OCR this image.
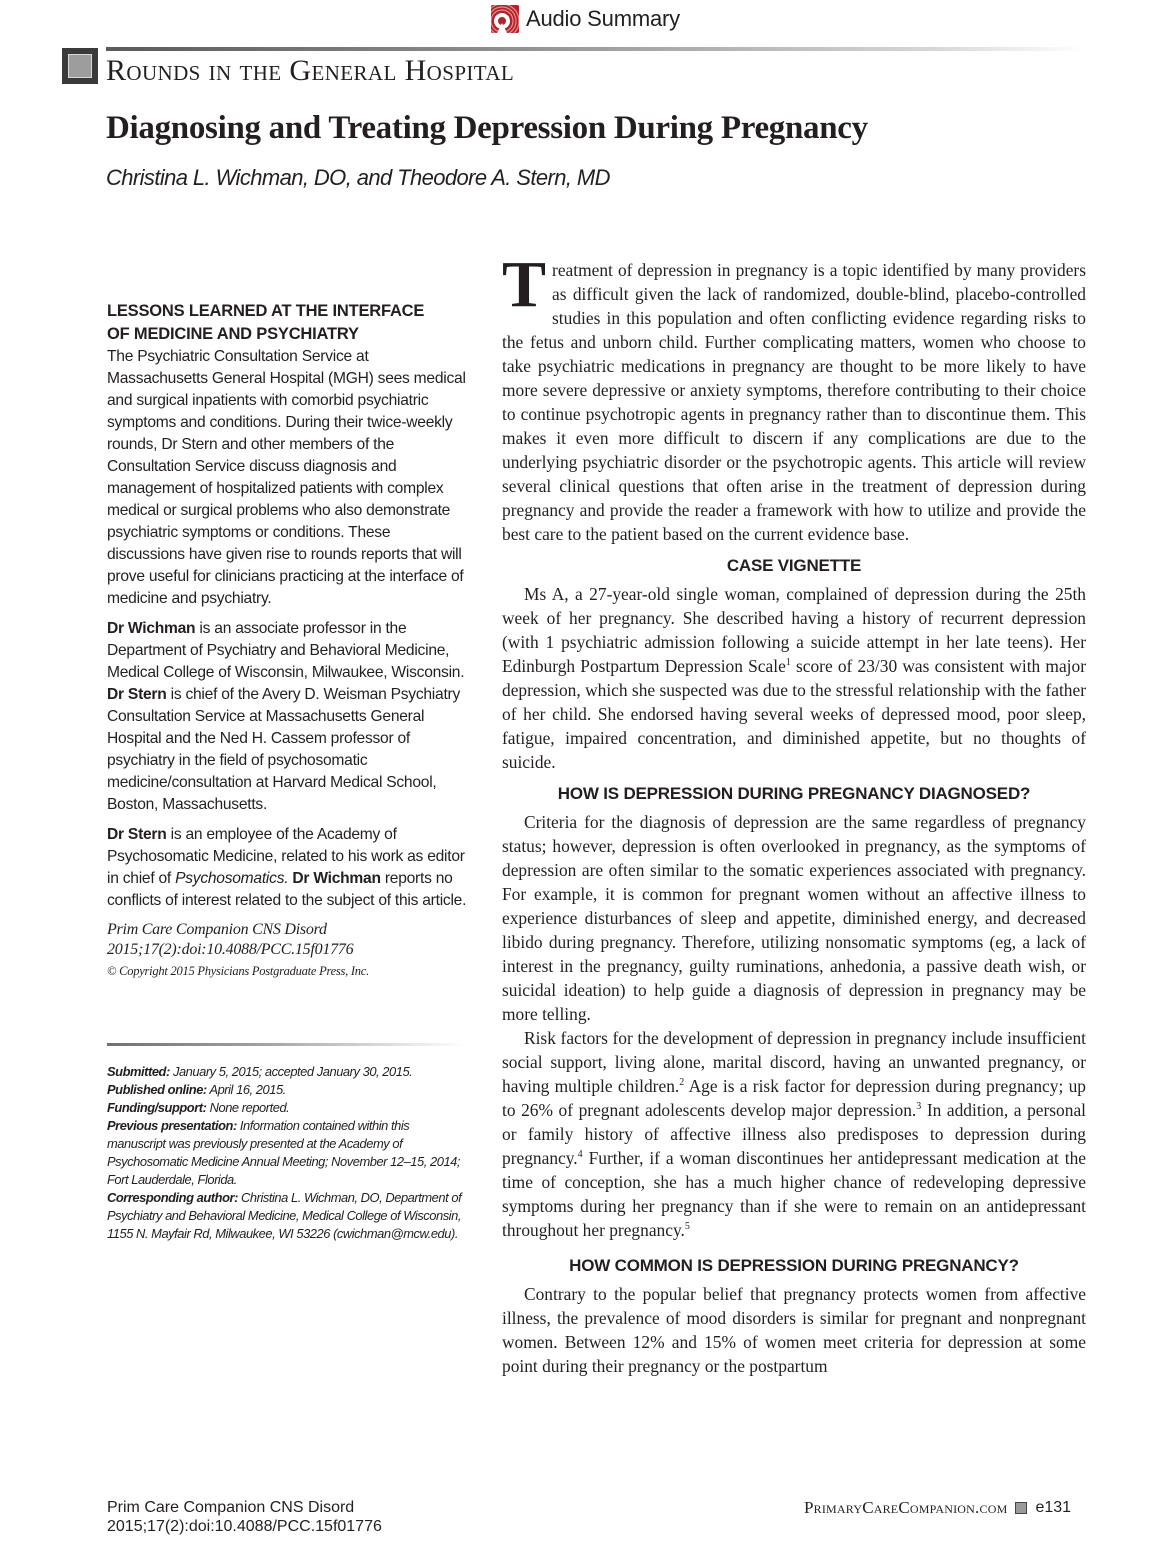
Audio Summary
Rounds in the General Hospital
Diagnosing and Treating Depression During Pregnancy
Christina L. Wichman, DO, and Theodore A. Stern, MD
LESSONS LEARNED AT THE INTERFACE
OF MEDICINE AND PSYCHIATRY

The Psychiatric Consultation Service at Massachusetts General Hospital (MGH) sees medical and surgical inpatients with comorbid psychiatric symptoms and conditions. During their twice-weekly rounds, Dr Stern and other members of the Consultation Service discuss diagnosis and management of hospitalized patients with complex medical or surgical problems who also demonstrate psychiatric symptoms or conditions. These discussions have given rise to rounds reports that will prove useful for clinicians practicing at the interface of medicine and psychiatry.

Dr Wichman is an associate professor in the Department of Psychiatry and Behavioral Medicine, Medical College of Wisconsin, Milwaukee, Wisconsin. Dr Stern is chief of the Avery D. Weisman Psychiatry Consultation Service at Massachusetts General Hospital and the Ned H. Cassem professor of psychiatry in the field of psychosomatic medicine/consultation at Harvard Medical School, Boston, Massachusetts.

Dr Stern is an employee of the Academy of Psychosomatic Medicine, related to his work as editor in chief of Psychosomatics. Dr Wichman reports no conflicts of interest related to the subject of this article.

Prim Care Companion CNS Disord
2015;17(2):doi:10.4088/PCC.15f01776
© Copyright 2015 Physicians Postgraduate Press, Inc.
Submitted: January 5, 2015; accepted January 30, 2015.
Published online: April 16, 2015.
Funding/support: None reported.
Previous presentation: Information contained within this manuscript was previously presented at the Academy of Psychosomatic Medicine Annual Meeting; November 12–15, 2014; Fort Lauderdale, Florida.
Corresponding author: Christina L. Wichman, DO, Department of Psychiatry and Behavioral Medicine, Medical College of Wisconsin, 1155 N. Mayfair Rd, Milwaukee, WI 53226 (cwichman@mcw.edu).

Treatment of depression in pregnancy is a topic identified by many providers as difficult given the lack of randomized, double-blind, placebo-controlled studies in this population and often conflicting evidence regarding risks to the fetus and unborn child. Further complicating matters, women who choose to take psychiatric medications in pregnancy are thought to be more likely to have more severe depressive or anxiety symptoms, therefore contributing to their choice to continue psychotropic agents in pregnancy rather than to discontinue them. This makes it even more difficult to discern if any complications are due to the underlying psychiatric disorder or the psychotropic agents. This article will review several clinical questions that often arise in the treatment of depression during pregnancy and provide the reader a framework with how to utilize and provide the best care to the patient based on the current evidence base.

CASE VIGNETTE

Ms A, a 27-year-old single woman, complained of depression during the 25th week of her pregnancy. She described having a history of recurrent depression (with 1 psychiatric admission following a suicide attempt in her late teens). Her Edinburgh Postpartum Depression Scale$^1$ score of 23/30 was consistent with major depression, which she suspected was due to the stressful relationship with the father of her child. She endorsed having several weeks of depressed mood, poor sleep, fatigue, impaired concentration, and diminished appetite, but no thoughts of suicide.

HOW IS DEPRESSION DURING PREGNANCY DIAGNOSED?

Criteria for the diagnosis of depression are the same regardless of pregnancy status; however, depression is often overlooked in pregnancy, as the symptoms of depression are often similar to the somatic experiences associated with pregnancy. For example, it is common for pregnant women without an affective illness to experience disturbances of sleep and appetite, diminished energy, and decreased libido during pregnancy. Therefore, utilizing nonsomatic symptoms (eg, a lack of interest in the pregnancy, guilty ruminations, anhedonia, a passive death wish, or suicidal ideation) to help guide a diagnosis of depression in pregnancy may be more telling.

Risk factors for the development of depression in pregnancy include insufficient social support, living alone, marital discord, having an unwanted pregnancy, or having multiple children.$^2$ Age is a risk factor for depression during pregnancy; up to 26% of pregnant adolescents develop major depression.$^3$ In addition, a personal or family history of affective illness also predisposes to depression during pregnancy.$^4$ Further, if a woman discontinues her antidepressant medication at the time of conception, she has a much higher chance of redeveloping depressive symptoms during her pregnancy than if she were to remain on an antidepressant throughout her pregnancy.$^5$

HOW COMMON IS DEPRESSION DURING PREGNANCY?

Contrary to the popular belief that pregnancy protects women from affective illness, the prevalence of mood disorders is similar for pregnant and nonpregnant women. Between 12% and 15% of women meet criteria for depression at some point during their pregnancy or the postpartum

Prim Care Companion CNS Disord
2015;17(2):doi:10.4088/PCC.15f01776
PrimaryCareCompanion.com e131
